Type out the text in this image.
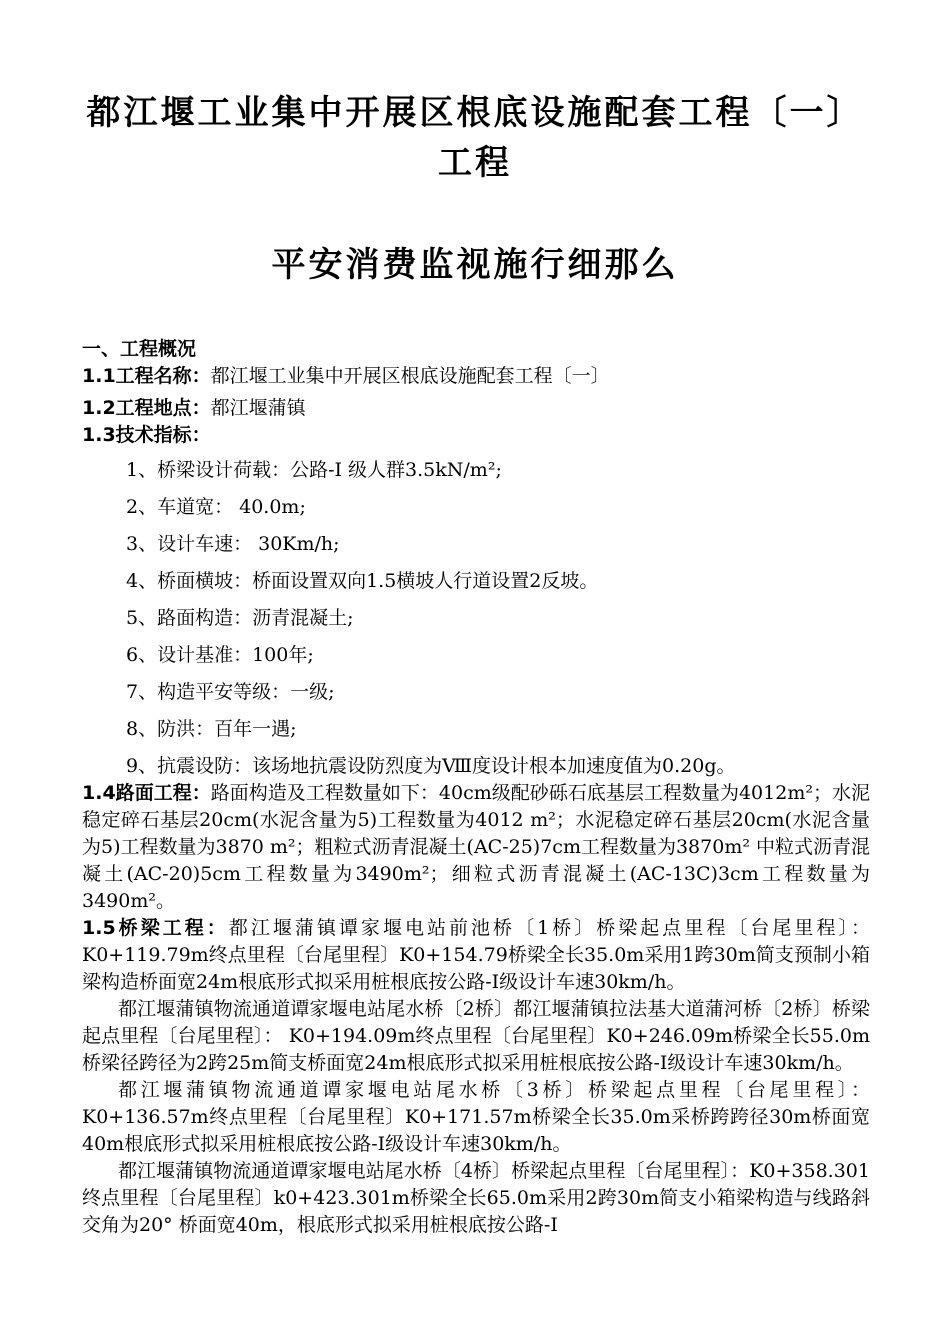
都江堰工业集中开展区根底设施配套工程〔一〕工程
平安消费监视施行细那么

一、工程概况

1.1工程名称：都江堰工业集中开展区根底设施配套工程〔一〕

1.2工程地点：都江堰蒲镇

1.3技术指标：

1、桥梁设计荷载：公路-Ⅰ 级人群3.5kN/m²;

2、车道宽： 40.0m;

3、设计车速： 30Km/h;

4、桥面横坡：桥面设置双向1.5横坡人行道设置2反坡。

5、路面构造：沥青混凝土;

6、设计基准：100年;

7、构造平安等级：一级;

8、防洪：百年一遇;

9、抗震设防：该场地抗震设防烈度为Ⅷ度设计根本加速度值为0.20g。

1.4路面工程：路面构造及工程数量如下：40cm级配砂砾石底基层工程数量为4012m²；水泥稳定碎石基层20cm(水泥含量为5)工程数量为4012 m²；水泥稳定碎石基层20cm(水泥含量为5)工程数量为3870 m²；粗粒式沥青混凝土(AC-25)7cm工程数量为3870m² 中粒式沥青混凝土(AC-20)5cm工程数量为3490m²；细粒式沥青混凝土(AC-13C)3cm工程数量为3490m²。

1.5桥梁工程：都江堰蒲镇谭家堰电站前池桥〔1桥〕桥梁起点里程〔台尾里程〕：K0+119.79m终点里程〔台尾里程〕K0+154.79桥梁全长35.0m采用1跨30m简支预制小箱梁构造桥面宽24m根底形式拟采用桩根底按公路-I级设计车速30km/h。

都江堰蒲镇物流通道谭家堰电站尾水桥〔2桥〕都江堰蒲镇拉法基大道蒲河桥〔2桥〕桥梁起点里程〔台尾里程〕： K0+194.09m终点里程〔台尾里程〕K0+246.09m桥梁全长55.0m桥梁径跨径为2跨25m简支桥面宽24m根底形式拟采用桩根底按公路-I级设计车速30km/h。

都江堰蒲镇物流通道谭家堰电站尾水桥〔3桥〕桥梁起点里程〔台尾里程〕：K0+136.57m终点里程〔台尾里程〕K0+171.57m桥梁全长35.0m采桥跨跨径30m桥面宽40m根底形式拟采用桩根底按公路-I级设计车速30km/h。

都江堰蒲镇物流通道谭家堰电站尾水桥〔4桥〕桥梁起点里程〔台尾里程〕：K0+358.301终点里程〔台尾里程〕k0+423.301m桥梁全长65.0m采用2跨30m简支小箱梁构造与线路斜交角为20° 桥面宽40m，根底形式拟采用桩根底按公路-I
